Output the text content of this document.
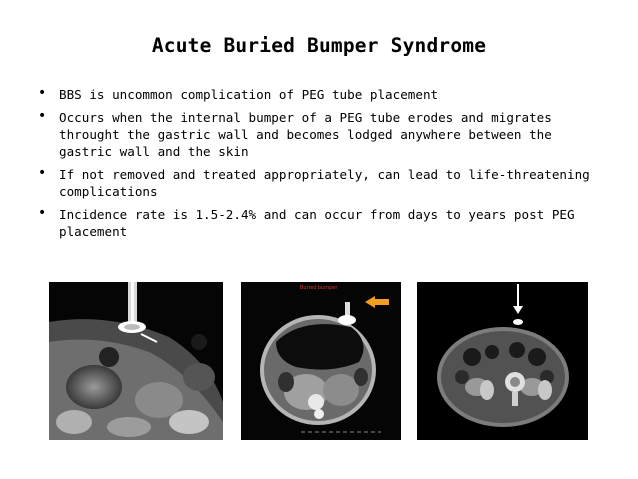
Acute Buried Bumper Syndrome
• BBS is uncommon complication of PEG tube placement
• Occurs when the internal bumper of a PEG tube erodes and migrates throught the gastric wall and becomes lodged anywhere between the gastric wall and the skin
• If not removed and treated appropriately, can lead to life-threatening complications
• Incidence rate is 1.5-2.4% and can occur from days to years post PEG placement
Buried bumper
